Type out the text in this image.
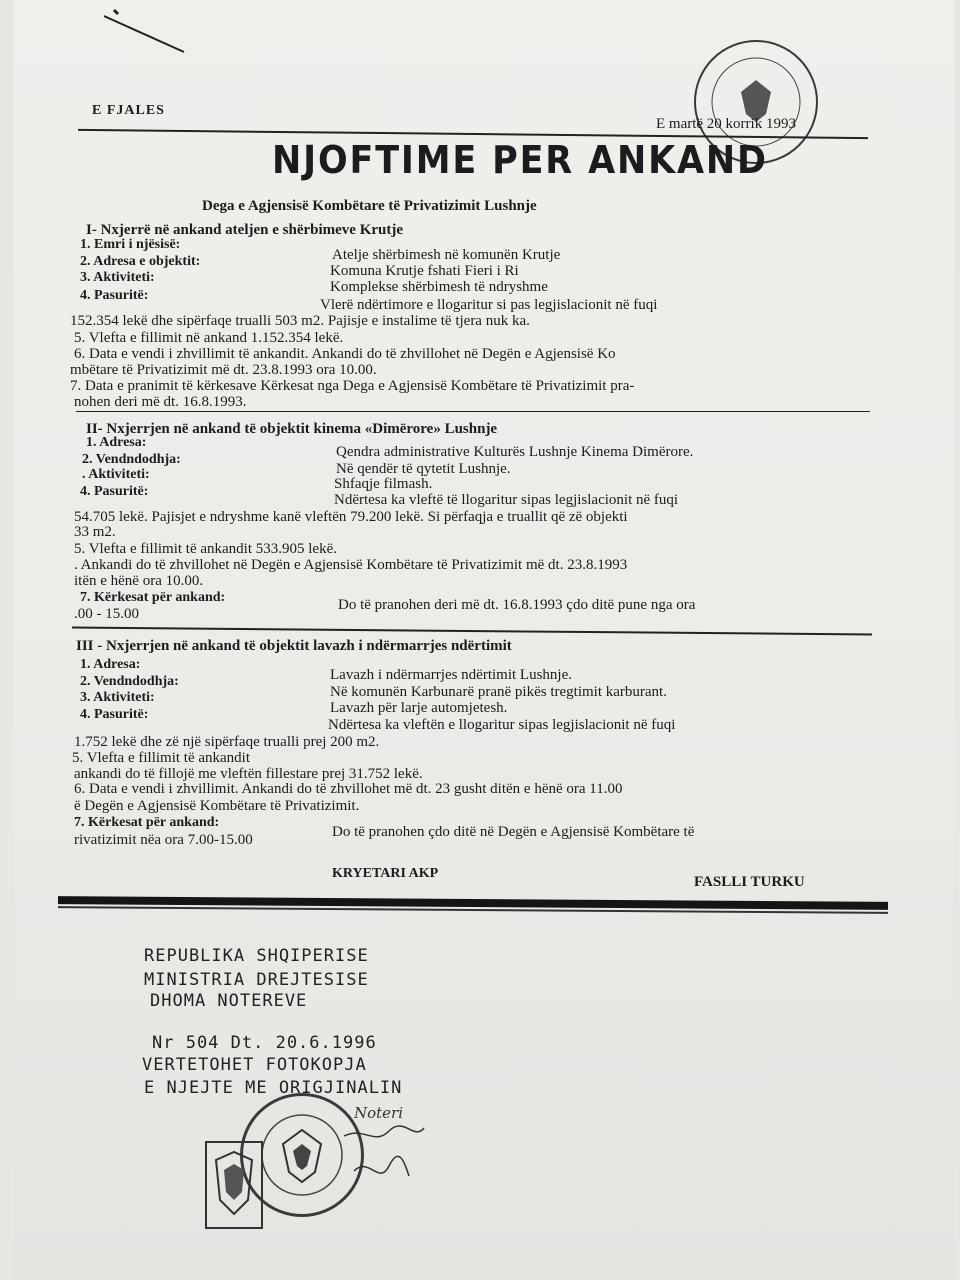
E FJALES
E martë 20 korrik 1993
NJOFTIME PER ANKAND
Dega e Agjensisë Kombëtare të Privatizimit Lushnje
I- Nxjerrë në ankand ateljen e shërbimeve Krutje
1. Emri i njësisë:
Atelje shërbimesh në komunën Krutje
2. Adresa e objektit:
Komuna Krutje fshati Fieri i Ri
3. Aktiviteti:
Komplekse shërbimesh të ndryshme
4. Pasuritë:
Vlerë ndërtimore e llogaritur si pas legjislacionit në fuqi
152.354 lekë dhe sipërfaqe trualli 503 m2. Pajisje e instalime të tjera nuk ka.
5. Vlefta e fillimit në ankand 1.152.354 lekë.
6. Data e vendi i zhvillimit të ankandit. Ankandi do të zhvillohet në Degën e Agjensisë Ko
mbëtare të Privatizimit më dt. 23.8.1993 ora 10.00.
7. Data e pranimit të kërkesave Kërkesat nga Dega e Agjensisë Kombëtare të Privatizimit pra-
nohen deri më dt. 16.8.1993.
II- Nxjerrjen në ankand të objektit kinema «Dimërore» Lushnje
1. Adresa:
Qendra administrative Kulturës Lushnje Kinema Dimërore.
2. Vendndodhja:
Në qendër të qytetit Lushnje.
. Aktiviteti:
Shfaqje filmash.
4. Pasuritë:
Ndërtesa ka vleftë të llogaritur sipas legjislacionit në fuqi
54.705 lekë. Pajisjet e ndryshme kanë vleftën 79.200 lekë. Si përfaqja e truallit që zë objekti
33 m2.
5. Vlefta e fillimit të ankandit 533.905 lekë.
. Ankandi do të zhvillohet në Degën e Agjensisë Kombëtare të Privatizimit më dt. 23.8.1993
itën e hënë ora 10.00.
7. Kërkesat për ankand:	Do të pranohen deri më dt. 16.8.1993 çdo ditë pune nga ora
.00 - 15.00
III - Nxjerrjen në ankand të objektit lavazh i ndërmarrjes ndërtimit
1. Adresa:
Lavazh i ndërmarrjes ndërtimit Lushnje.
2. Vendndodhja:
Në komunën Karbunarë pranë pikës tregtimit karburant.
3. Aktiviteti:
Lavazh për larje automjetesh.
4. Pasuritë:
Ndërtesa ka vleftën e llogaritur sipas legjislacionit në fuqi
1.752 lekë dhe zë një sipërfaqe trualli prej 200 m2.
5. Vlefta e fillimit të ankandit
ankandi do të fillojë me vleftën fillestare prej 31.752 lekë.
6. Data e vendi i zhvillimit. Ankandi do të zhvillohet më dt. 23 gusht ditën e hënë ora 11.00
ë Degën e Agjensisë Kombëtare të Privatizimit.
7. Kërkesat për ankand:
Do të pranohen çdo ditë në Degën e Agjensisë Kombëtare të
rivatizimit nëa ora 7.00-15.00
KRYETARI AKP
FASLLI TURKU
REPUBLIKA SHQIPERISE
MINISTRIA DREJTESISE
DHOMA NOTEREVE
Nr 504 Dt. 20.6.1996
VERTETOHET FOTOKOPJA
E NJEJTE ME ORIGJINALIN
Noteri
